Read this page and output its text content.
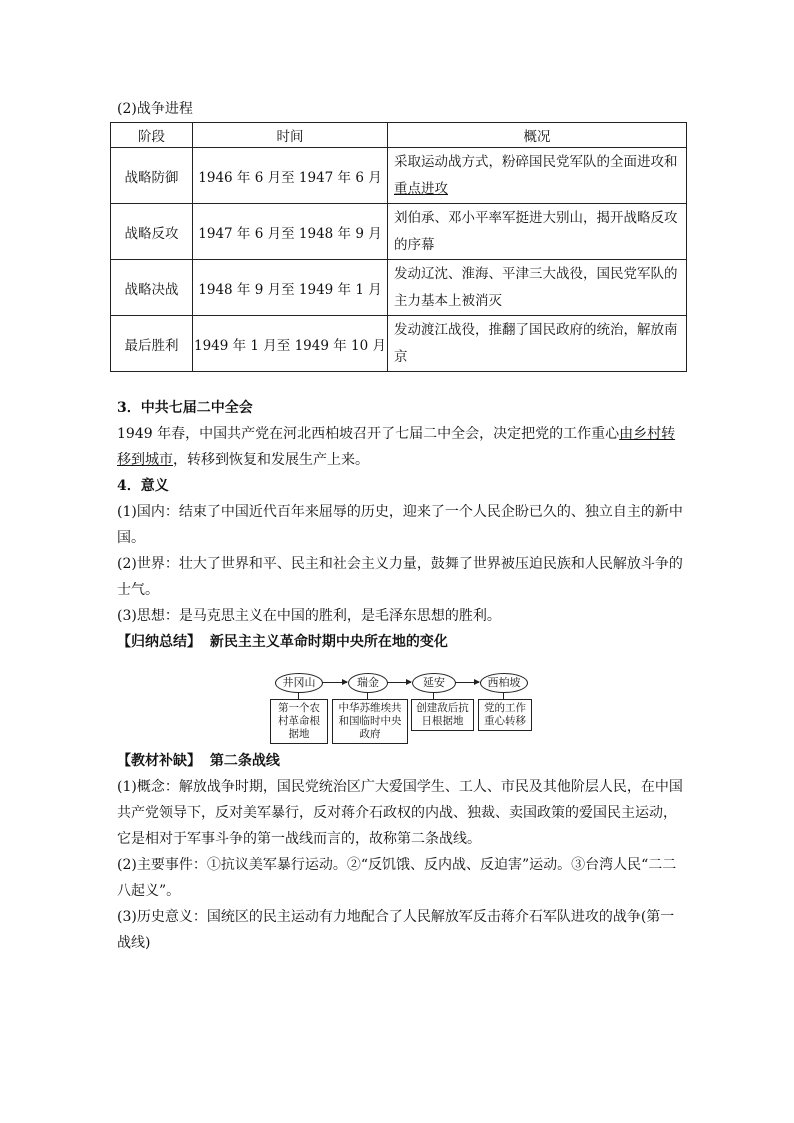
(2)战争进程
阶段	时间	概况
战略防御	1946 年 6 月至 1947 年 6 月	采取运动战方式，粉碎国民党军队的全面进攻和重点进攻
战略反攻	1947 年 6 月至 1948 年 9 月	刘伯承、邓小平率军挺进大别山，揭开战略反攻的序幕
战略决战	1948 年 9 月至 1949 年 1 月	发动辽沈、淮海、平津三大战役，国民党军队的主力基本上被消灭
最后胜利	1949 年 1 月至 1949 年 10 月	发动渡江战役，推翻了国民政府的统治，解放南京
3．中共七届二中全会
1949 年春，中国共产党在河北西柏坡召开了七届二中全会，决定把党的工作重心由乡村转移到城市，转移到恢复和发展生产上来。
4．意义
(1)国内：结束了中国近代百年来屈辱的历史，迎来了一个人民企盼已久的、独立自主的新中国。
(2)世界：壮大了世界和平、民主和社会主义力量，鼓舞了世界被压迫民族和人民解放斗争的士气。
(3)思想：是马克思主义在中国的胜利，是毛泽东思想的胜利。
【归纳总结】 新民主主义革命时期中央所在地的变化
井冈山	瑞金	延安	西柏坡
第一个农村革命根据地
中华苏维埃共和国临时中央政府
创建敌后抗日根据地
党的工作重心转移
【教材补缺】 第二条战线
(1)概念：解放战争时期，国民党统治区广大爱国学生、工人、市民及其他阶层人民，在中国共产党领导下，反对美军暴行，反对蒋介石政权的内战、独裁、卖国政策的爱国民主运动，它是相对于军事斗争的第一战线而言的，故称第二条战线。
(2)主要事件：①抗议美军暴行运动。②“反饥饿、反内战、反迫害”运动。③台湾人民“二二八起义”。
(3)历史意义：国统区的民主运动有力地配合了人民解放军反击蒋介石军队进攻的战争(第一战线)
